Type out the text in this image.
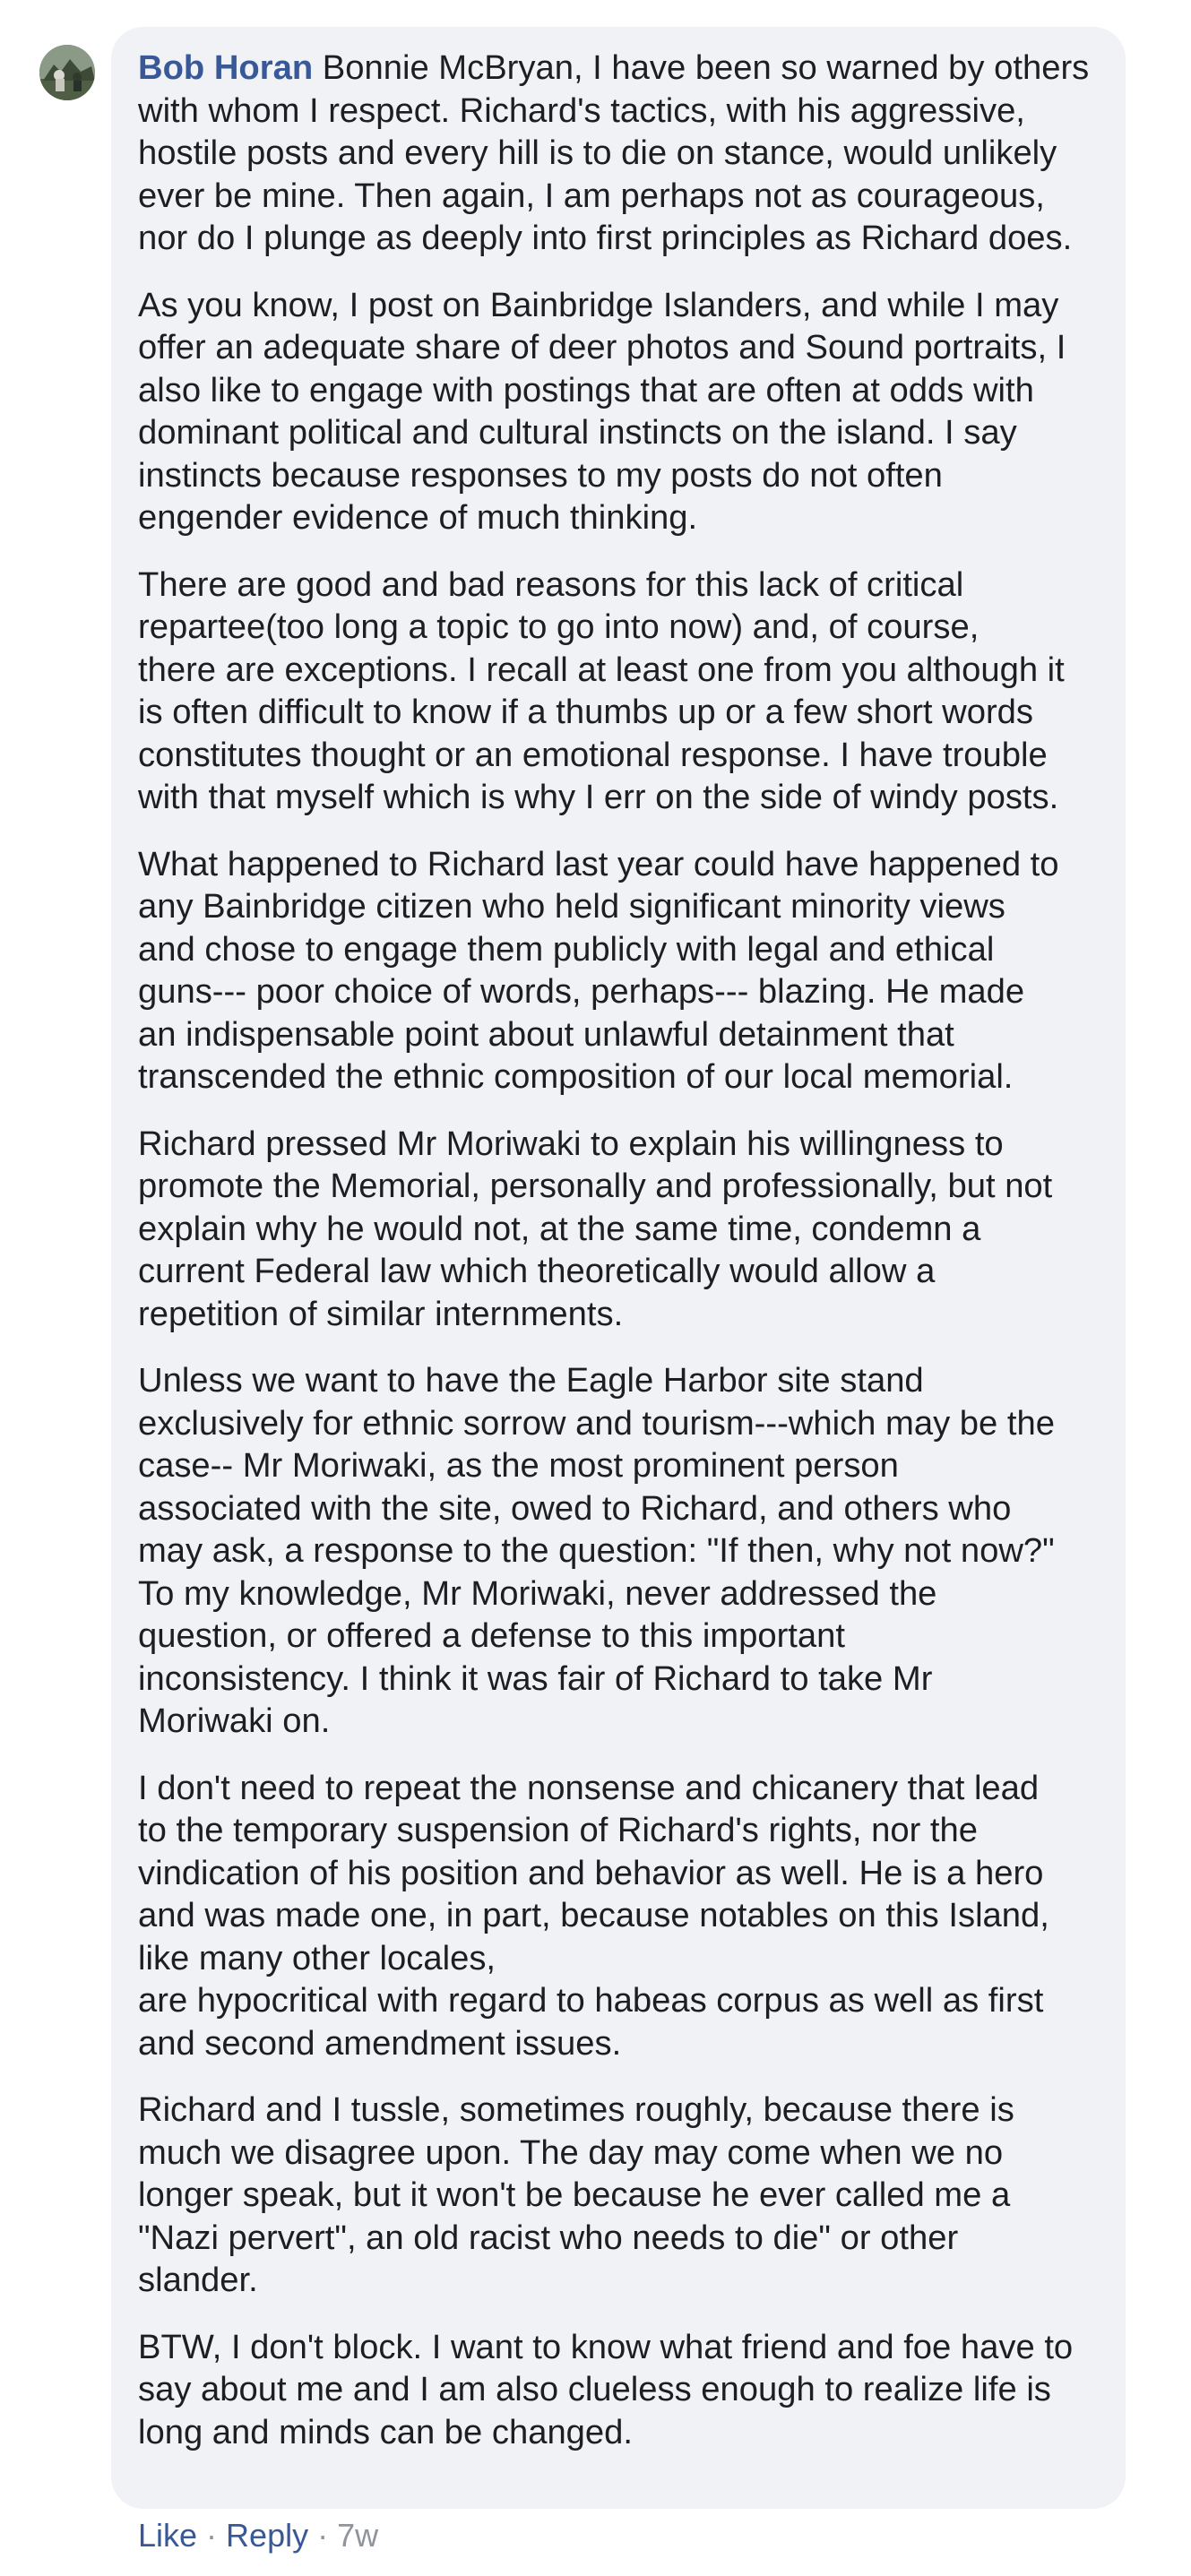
Bob Horan Bonnie McBryan, I have been so warned by others
with whom I respect. Richard's tactics, with his aggressive,
hostile posts and every hill is to die on stance, would unlikely
ever be mine. Then again, I am perhaps not as courageous,
nor do I plunge as deeply into first principles as Richard does.

As you know, I post on Bainbridge Islanders, and while I may
offer an adequate share of deer photos and Sound portraits, I
also like to engage with postings that are often at odds with
dominant political and cultural instincts on the island. I say
instincts because responses to my posts do not often
engender evidence of much thinking.

There are good and bad reasons for this lack of critical
repartee(too long a topic to go into now) and, of course,
there are exceptions. I recall at least one from you although it
is often difficult to know if a thumbs up or a few short words
constitutes thought or an emotional response. I have trouble
with that myself which is why I err on the side of windy posts.

What happened to Richard last year could have happened to
any Bainbridge citizen who held significant minority views
and chose to engage them publicly with legal and ethical
guns--- poor choice of words, perhaps--- blazing. He made
an indispensable point about unlawful detainment that
transcended the ethnic composition of our local memorial.

Richard pressed Mr Moriwaki to explain his willingness to
promote the Memorial, personally and professionally, but not
explain why he would not, at the same time, condemn a
current Federal law which theoretically would allow a
repetition of similar internments.

Unless we want to have the Eagle Harbor site stand
exclusively for ethnic sorrow and tourism---which may be the
case-- Mr Moriwaki, as the most prominent person
associated with the site, owed to Richard, and others who
may ask, a response to the question: "If then, why not now?"
To my knowledge, Mr Moriwaki, never addressed the
question, or offered a defense to this important
inconsistency. I think it was fair of Richard to take Mr
Moriwaki on.

I don't need to repeat the nonsense and chicanery that lead
to the temporary suspension of Richard's rights, nor the
vindication of his position and behavior as well. He is a hero
and was made one, in part, because notables on this Island,
like many other locales,
are hypocritical with regard to habeas corpus as well as first
and second amendment issues.

Richard and I tussle, sometimes roughly, because there is
much we disagree upon. The day may come when we no
longer speak, but it won't be because he ever called me a
"Nazi pervert", an old racist who needs to die" or other
slander.

BTW, I don't block. I want to know what friend and foe have to
say about me and I am also clueless enough to realize life is
long and minds can be changed.

Like · Reply · 7w
